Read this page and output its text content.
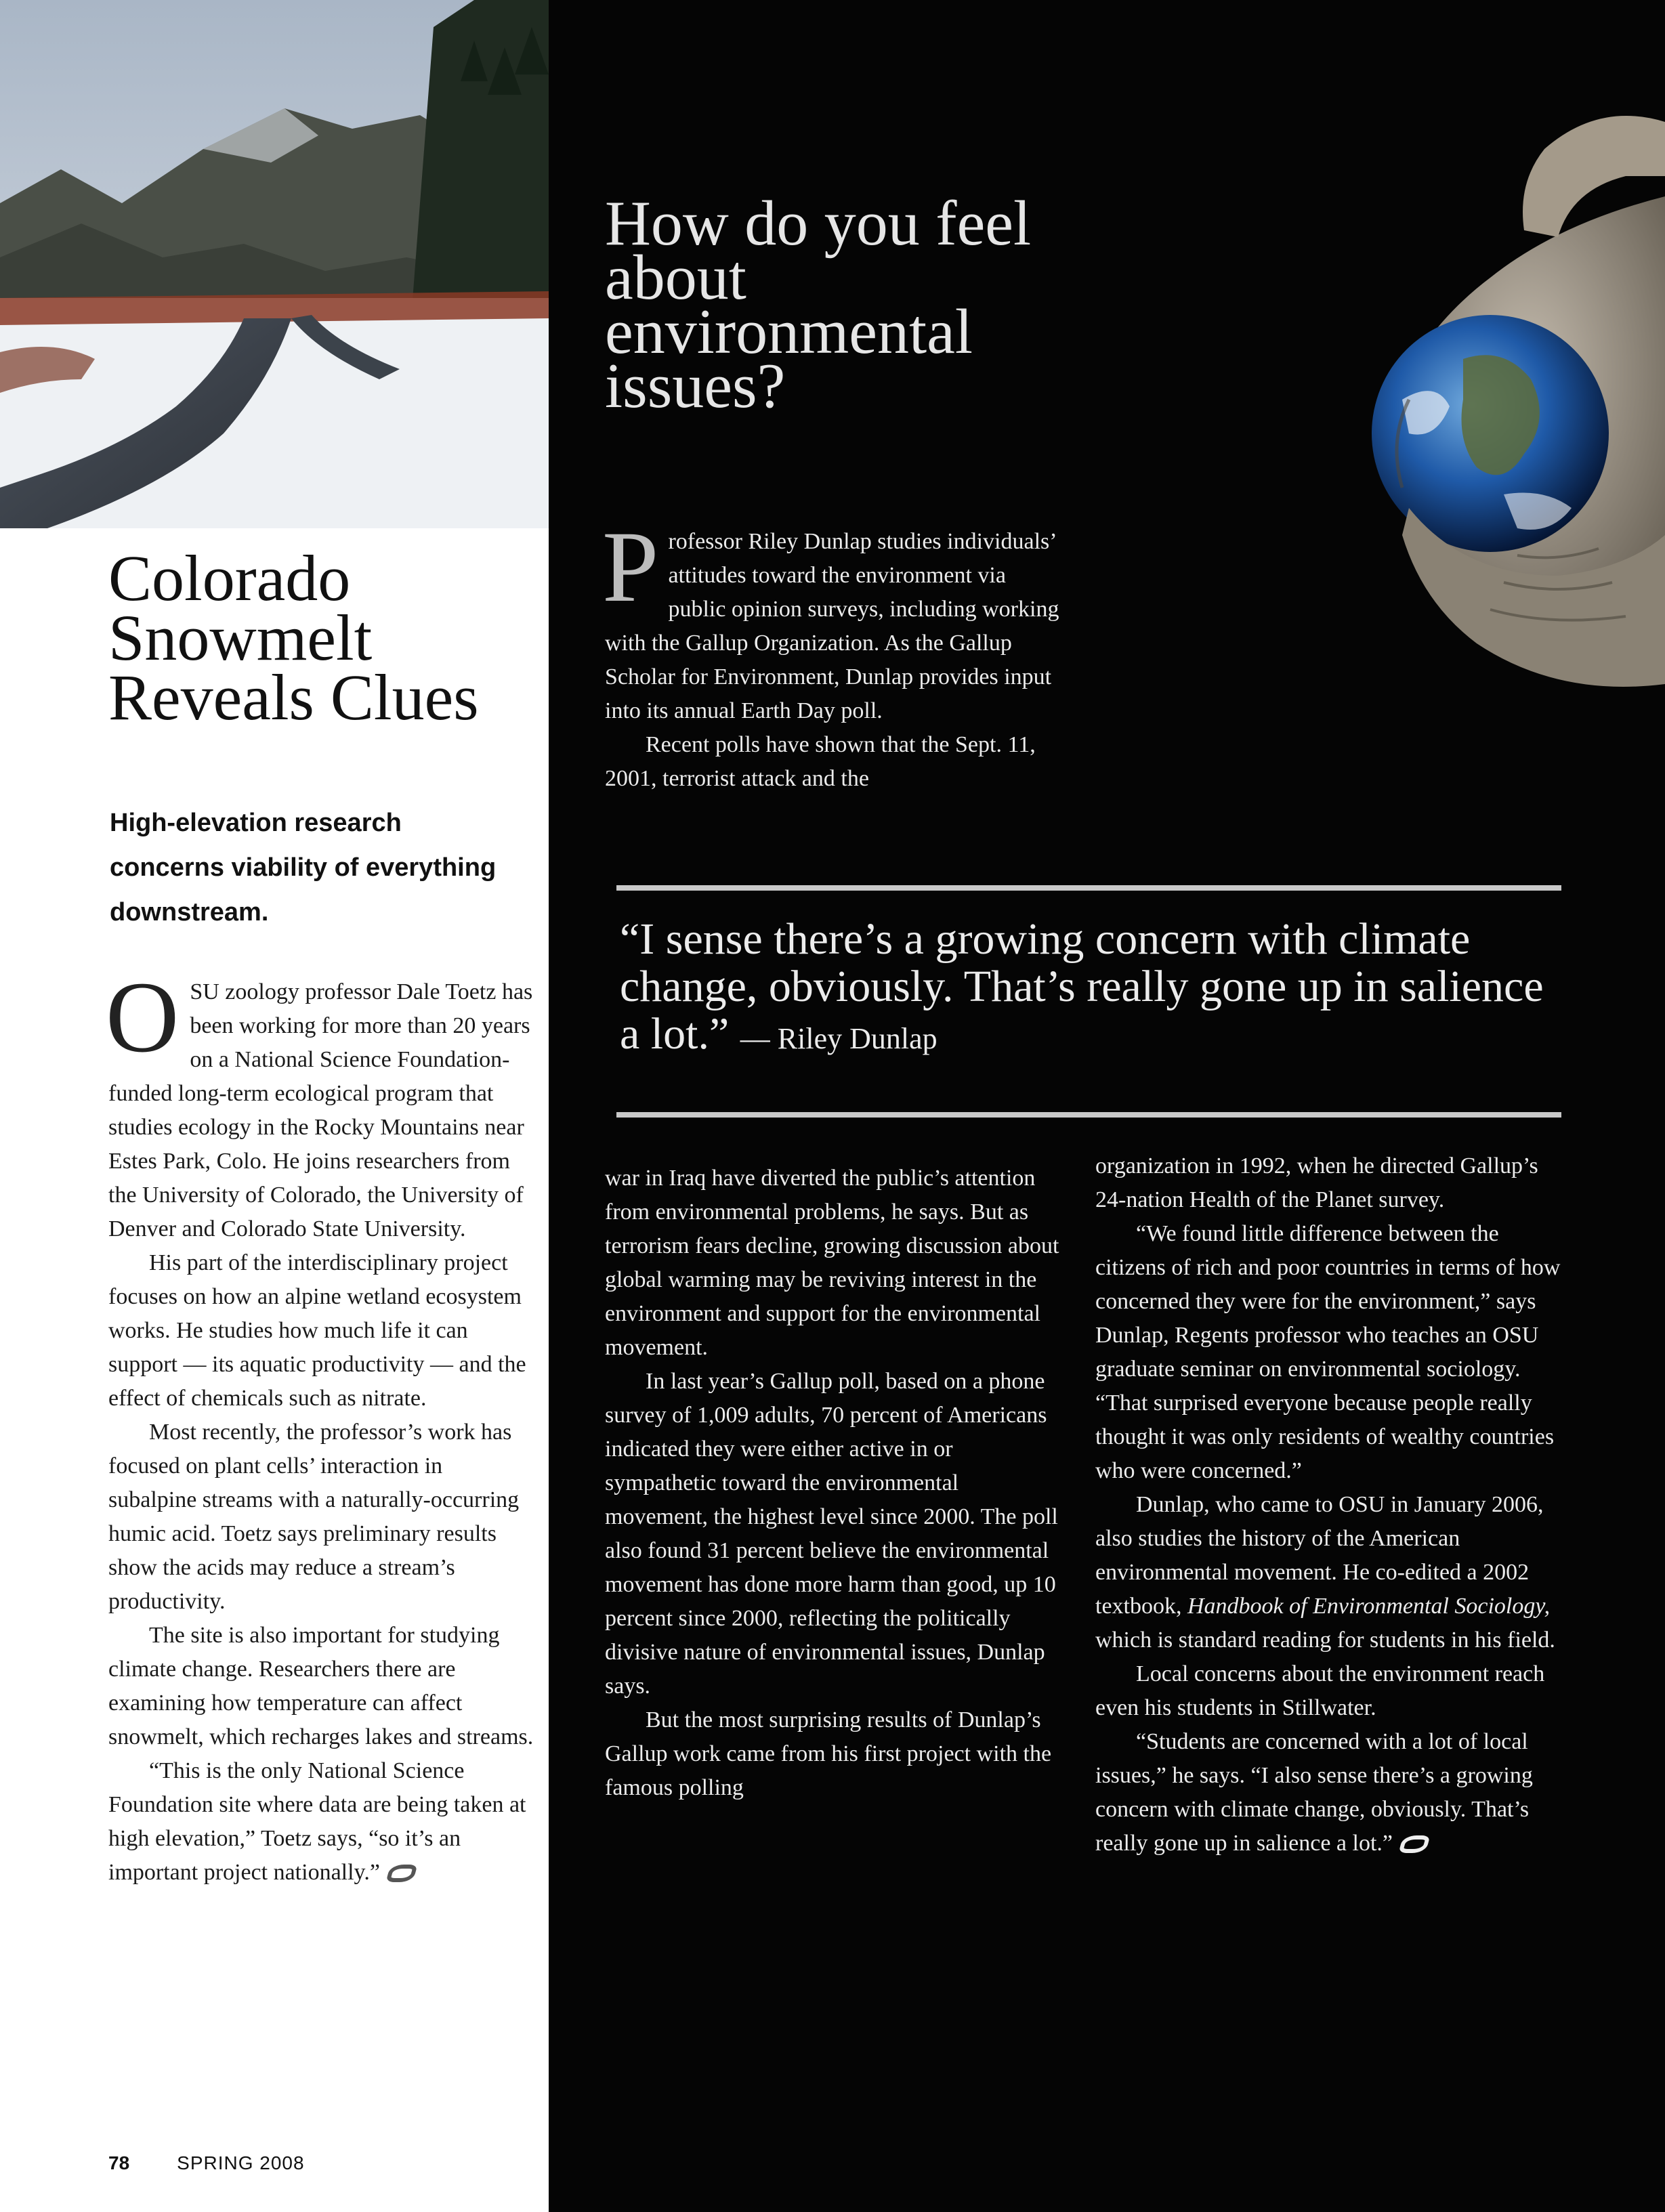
Colorado Snowmelt Reveals Clues
High-elevation research concerns viability of everything downstream.

OSU zoology professor Dale Toetz has been working for more than 20 years on a National Science Foundation-funded long-term ecological program that studies ecology in the Rocky Mountains near Estes Park, Colo. He joins researchers from the University of Colorado, the University of Denver and Colorado State University.

His part of the interdisciplinary project focuses on how an alpine wetland ecosystem works. He studies how much life it can support — its aquatic productivity — and the effect of chemicals such as nitrate.

Most recently, the professor’s work has focused on plant cells’ interaction in subalpine streams with a naturally-occurring humic acid. Toetz says preliminary results show the acids may reduce a stream’s productivity.

The site is also important for studying climate change. Researchers there are examining how temperature can affect snowmelt, which recharges lakes and streams.

“This is the only National Science Foundation site where data are being taken at high elevation,” Toetz says, “so it’s an important project nationally.”

78	SPRING 2008
How do you feel about environmental issues?

Professor Riley Dunlap studies individuals’ attitudes toward the environment via public opinion surveys, including working with the Gallup Organization. As the Gallup Scholar for Environment, Dunlap provides input into its annual Earth Day poll.

Recent polls have shown that the Sept. 11, 2001, terrorist attack and the

“I sense there’s a growing concern with climate change, obviously. That’s really gone up in salience a lot.” — Riley Dunlap

war in Iraq have diverted the public’s attention from environmental problems, he says. But as terrorism fears decline, growing discussion about global warming may be reviving interest in the environment and support for the environmental movement.

In last year’s Gallup poll, based on a phone survey of 1,009 adults, 70 percent of Americans indicated they were either active in or sympathetic toward the environmental movement, the highest level since 2000. The poll also found 31 percent believe the environmental movement has done more harm than good, up 10 percent since 2000, reflecting the politically divisive nature of environmental issues, Dunlap says.

But the most surprising results of Dunlap’s Gallup work came from his first project with the famous polling

organization in 1992, when he directed Gallup’s 24-nation Health of the Planet survey.

“We found little difference between the citizens of rich and poor countries in terms of how concerned they were for the environment,” says Dunlap, Regents professor who teaches an OSU graduate seminar on environmental sociology. “That surprised everyone because people really thought it was only residents of wealthy countries who were concerned.”

Dunlap, who came to OSU in January 2006, also studies the history of the American environmental movement. He co-edited a 2002 textbook, Handbook of Environmental Sociology, which is standard reading for students in his field.

Local concerns about the environment reach even his students in Stillwater.

“Students are concerned with a lot of local issues,” he says. “I also sense there’s a growing concern with climate change, obviously. That’s really gone up in salience a lot.”
